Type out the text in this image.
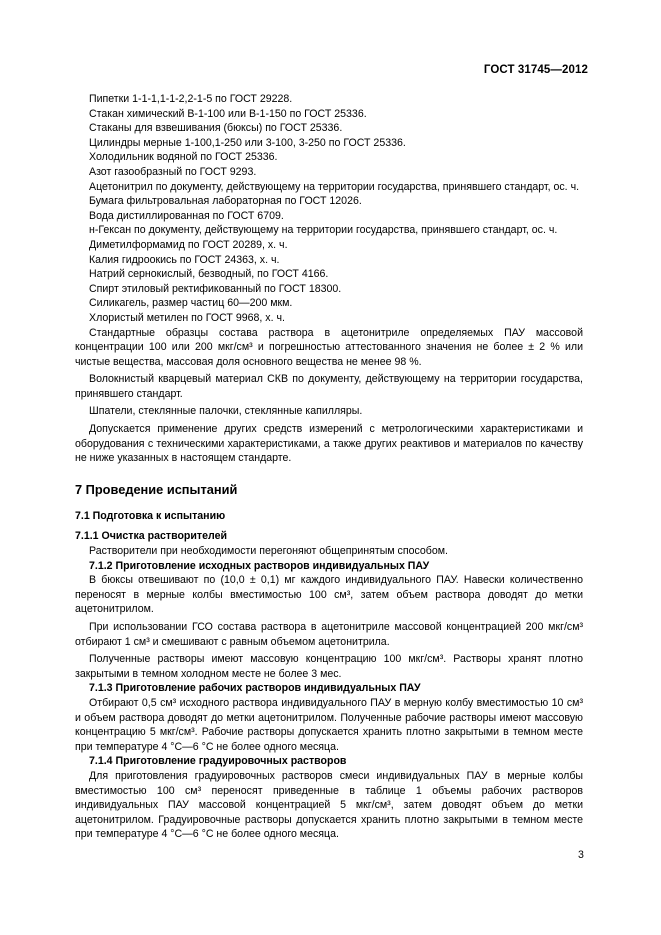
ГОСТ 31745—2012

Пипетки 1-1-1,1-1-2,2-1-5 по ГОСТ 29228.

Стакан химический В-1-100 или В-1-150 по ГОСТ 25336.

Стаканы для взвешивания (бюксы) по ГОСТ 25336.

Цилиндры мерные 1-100,1-250 или 3-100, 3-250 по ГОСТ 25336.

Холодильник водяной по ГОСТ 25336.

Азот газообразный по ГОСТ 9293.

Ацетонитрил по документу, действующему на территории государства, принявшего стандарт, ос. ч.

Бумага фильтровальная лабораторная по ГОСТ 12026.

Вода дистиллированная по ГОСТ 6709.

н-Гексан по документу, действующему на территории государства, принявшего стандарт, ос. ч.

Диметилформамид по ГОСТ 20289, х. ч.

Калия гидроокись по ГОСТ 24363, х. ч.

Натрий сернокислый, безводный, по ГОСТ 4166.

Спирт этиловый ректификованный по ГОСТ 18300.

Силикагель, размер частиц 60—200 мкм.

Хлористый метилен по ГОСТ 9968, х. ч.

Стандартные образцы состава раствора в ацетонитриле определяемых ПАУ массовой концентрации 100 или 200 мкг/см³ и погрешностью аттестованного значения не более ± 2 % или чистые вещества, массовая доля основного вещества не менее 98 %.

Волокнистый кварцевый материал СКВ по документу, действующему на территории государства, принявшего стандарт.

Шпатели, стеклянные палочки, стеклянные капилляры.

Допускается применение других средств измерений с метрологическими характеристиками и оборудования с техническими характеристиками, а также других реактивов и материалов по качеству не ниже указанных в настоящем стандарте.

7 Проведение испытаний

7.1 Подготовка к испытанию

7.1.1 Очистка растворителей

Растворители при необходимости перегоняют общепринятым способом.

7.1.2 Приготовление исходных растворов индивидуальных ПАУ

В бюксы отвешивают по (10,0 ± 0,1) мг каждого индивидуального ПАУ. Навески количественно переносят в мерные колбы вместимостью 100 см³, затем объем раствора доводят до метки ацетонитрилом.

При использовании ГСО состава раствора в ацетонитриле массовой концентрацией 200 мкг/см³ отбирают 1 см³ и смешивают с равным объемом ацетонитрила.

Полученные растворы имеют массовую концентрацию 100 мкг/см³. Растворы хранят плотно закрытыми в темном холодном месте не более 3 мес.

7.1.3 Приготовление рабочих растворов индивидуальных ПАУ

Отбирают 0,5 см³ исходного раствора индивидуального ПАУ в мерную колбу вместимостью 10 см³ и объем раствора доводят до метки ацетонитрилом. Полученные рабочие растворы имеют массовую концентрацию 5 мкг/см³. Рабочие растворы допускается хранить плотно закрытыми в темном месте при температуре 4 °С—6 °С не более одного месяца.

7.1.4 Приготовление градуировочных растворов

Для приготовления градуировочных растворов смеси индивидуальных ПАУ в мерные колбы вместимостью 100 см³ переносят приведенные в таблице 1 объемы рабочих растворов индивидуальных ПАУ массовой концентрацией 5 мкг/см³, затем доводят объем до метки ацетонитрилом. Градуировочные растворы допускается хранить плотно закрытыми в темном месте при температуре 4 °С—6 °С не более одного месяца.

3
